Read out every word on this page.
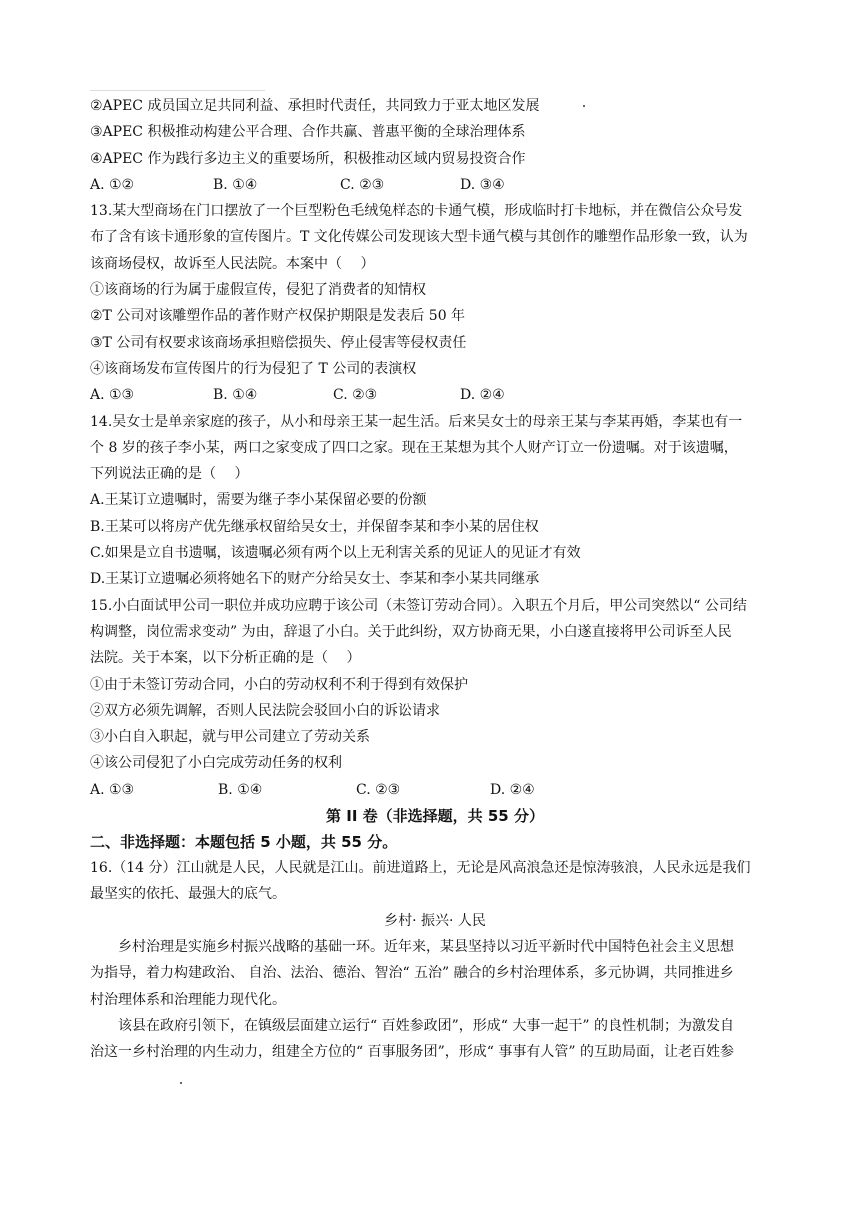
②APEC 成员国立足共同利益、承担时代责任，共同致力于亚太地区发展
③APEC 积极推动构建公平合理、合作共赢、普惠平衡的全球治理体系
④APEC 作为践行多边主义的重要场所，积极推动区域内贸易投资合作
A. ①②	B. ①④	C. ②③	D. ③④
13.某大型商场在门口摆放了一个巨型粉色毛绒兔样态的卡通气模，形成临时打卡地标，并在微信公众号发
布了含有该卡通形象的宣传图片。T 文化传媒公司发现该大型卡通气模与其创作的雕塑作品形象一致，认为
该商场侵权，故诉至人民法院。本案中（　 ）
①该商场的行为属于虚假宣传，侵犯了消费者的知情权
②T 公司对该雕塑作品的著作财产权保护期限是发表后 50 年
③T 公司有权要求该商场承担赔偿损失、停止侵害等侵权责任
④该商场发布宣传图片的行为侵犯了 T 公司的表演权
A. ①③	B. ①④	C. ②③	D. ②④
14.吴女士是单亲家庭的孩子，从小和母亲王某一起生活。后来吴女士的母亲王某与李某再婚，李某也有一
个 8 岁的孩子李小某，两口之家变成了四口之家。现在王某想为其个人财产订立一份遗嘱。对于该遗嘱，
下列说法正确的是（　 ）
A.王某订立遗嘱时，需要为继子李小某保留必要的份额
B.王某可以将房产优先继承权留给吴女士，并保留李某和李小某的居住权
C.如果是立自书遗嘱，该遗嘱必须有两个以上无利害关系的见证人的见证才有效
D.王某订立遗嘱必须将她名下的财产分给吴女士、李某和李小某共同继承
15.小白面试甲公司一职位并成功应聘于该公司（未签订劳动合同）。入职五个月后，甲公司突然以“ 公司结
构调整，岗位需求变动” 为由，辞退了小白。关于此纠纷，双方协商无果，小白遂直接将甲公司诉至人民
法院。关于本案，以下分析正确的是（　 ）
①由于未签订劳动合同，小白的劳动权利不利于得到有效保护
②双方必须先调解，否则人民法院会驳回小白的诉讼请求
③小白自入职起，就与甲公司建立了劳动关系
④该公司侵犯了小白完成劳动任务的权利
A. ①③	B. ①④	C. ②③	D. ②④
第 II 卷（非选择题，共 55 分）
二、非选择题：本题包括 5 小题，共 55 分。
16.（14 分）江山就是人民，人民就是江山。前进道路上，无论是风高浪急还是惊涛骇浪，人民永远是我们
最坚实的依托、最强大的底气。
乡村· 振兴· 人民
乡村治理是实施乡村振兴战略的基础一环。近年来，某县坚持以习近平新时代中国特色社会主义思想
为指导，着力构建政治、 自治、法治、德治、智治“ 五治” 融合的乡村治理体系，多元协调，共同推进乡
村治理体系和治理能力现代化。
该县在政府引领下，在镇级层面建立运行“ 百姓参政团”，形成“ 大事一起干” 的良性机制；为激发自
治这一乡村治理的内生动力，组建全方位的“ 百事服务团”，形成“ 事事有人管” 的互助局面，让老百姓参
